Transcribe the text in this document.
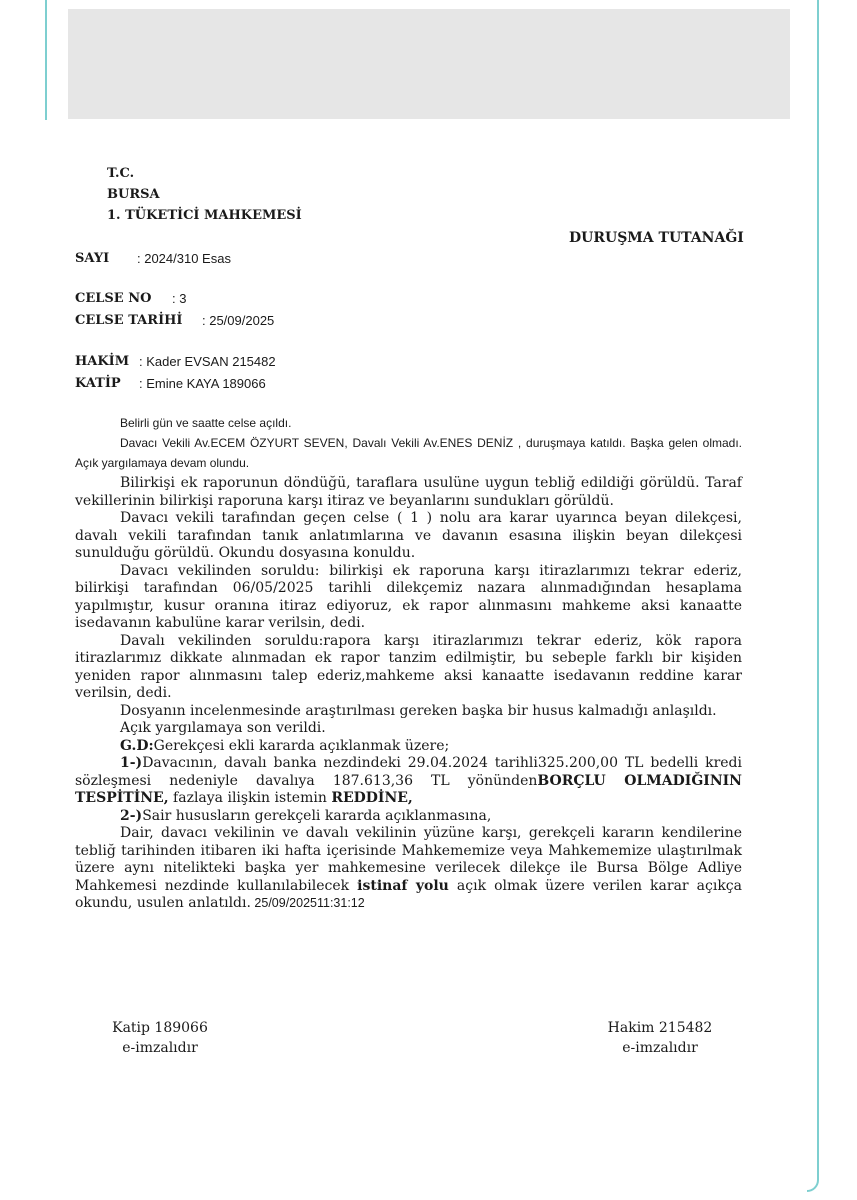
T.C.
BURSA
1. TÜKETİCİ MAHKEMESİ
DURUŞMA TUTANAĞI
SAYI : 2024/310 Esas
CELSE NO : 3
CELSE TARİHİ : 25/09/2025
HAKİM : Kader EVSAN 215482
KATİP : Emine KAYA 189066

Belirli gün ve saatte celse açıldı.

Davacı Vekili Av.ECEM ÖZYURT SEVEN, Davalı Vekili Av.ENES DENİZ , duruşmaya katıldı. Başka gelen olmadı. Açık yargılamaya devam olundu.

Bilirkişi ek raporunun döndüğü, taraflara usulüne uygun tebliğ edildiği görüldü. Taraf vekillerinin bilirkişi raporuna karşı itiraz ve beyanlarını sundukları görüldü.

Davacı vekili tarafından geçen celse ( 1 ) nolu ara karar uyarınca beyan dilekçesi, davalı vekili tarafından tanık anlatımlarına ve davanın esasına ilişkin beyan dilekçesi sunulduğu görüldü. Okundu dosyasına konuldu.

Davacı vekilinden soruldu: bilirkişi ek raporuna karşı itirazlarımızı tekrar ederiz, bilirkişi tarafından 06/05/2025 tarihli dilekçemiz nazara alınmadığından hesaplama yapılmıştır, kusur oranına itiraz ediyoruz, ek rapor alınmasını mahkeme aksi kanaatte isedavanın kabulüne karar verilsin, dedi.

Davalı vekilinden soruldu:rapora karşı itirazlarımızı tekrar ederiz, kök rapora itirazlarımız dikkate alınmadan ek rapor tanzim edilmiştir, bu sebeple farklı bir kişiden yeniden rapor alınmasını talep ederiz,mahkeme aksi kanaatte isedavanın reddine karar verilsin, dedi.

Dosyanın incelenmesinde araştırılması gereken başka bir husus kalmadığı anlaşıldı.

Açık yargılamaya son verildi.

G.D:Gerekçesi ekli kararda açıklanmak üzere;

1-)Davacının, davalı banka nezdindeki 29.04.2024 tarihli325.200,00 TL bedelli kredi sözleşmesi nedeniyle davalıya 187.613,36 TL yönündenBORÇLU OLMADIĞININ TESPİTİNE, fazlaya ilişkin istemin REDDİNE,

2-)Sair hususların gerekçeli kararda açıklanmasına,

Dair, davacı vekilinin ve davalı vekilinin yüzüne karşı, gerekçeli kararın kendilerine tebliğ tarihinden itibaren iki hafta içerisinde Mahkememize veya Mahkememize ulaştırılmak üzere aynı nitelikteki başka yer mahkemesine verilecek dilekçe ile Bursa Bölge Adliye Mahkemesi nezdinde kullanılabilecek istinaf yolu açık olmak üzere verilen karar açıkça okundu, usulen anlatıldı. 25/09/202511:31:12

Katip 189066
e-imzalıdır
Hakim 215482
e-imzalıdır
